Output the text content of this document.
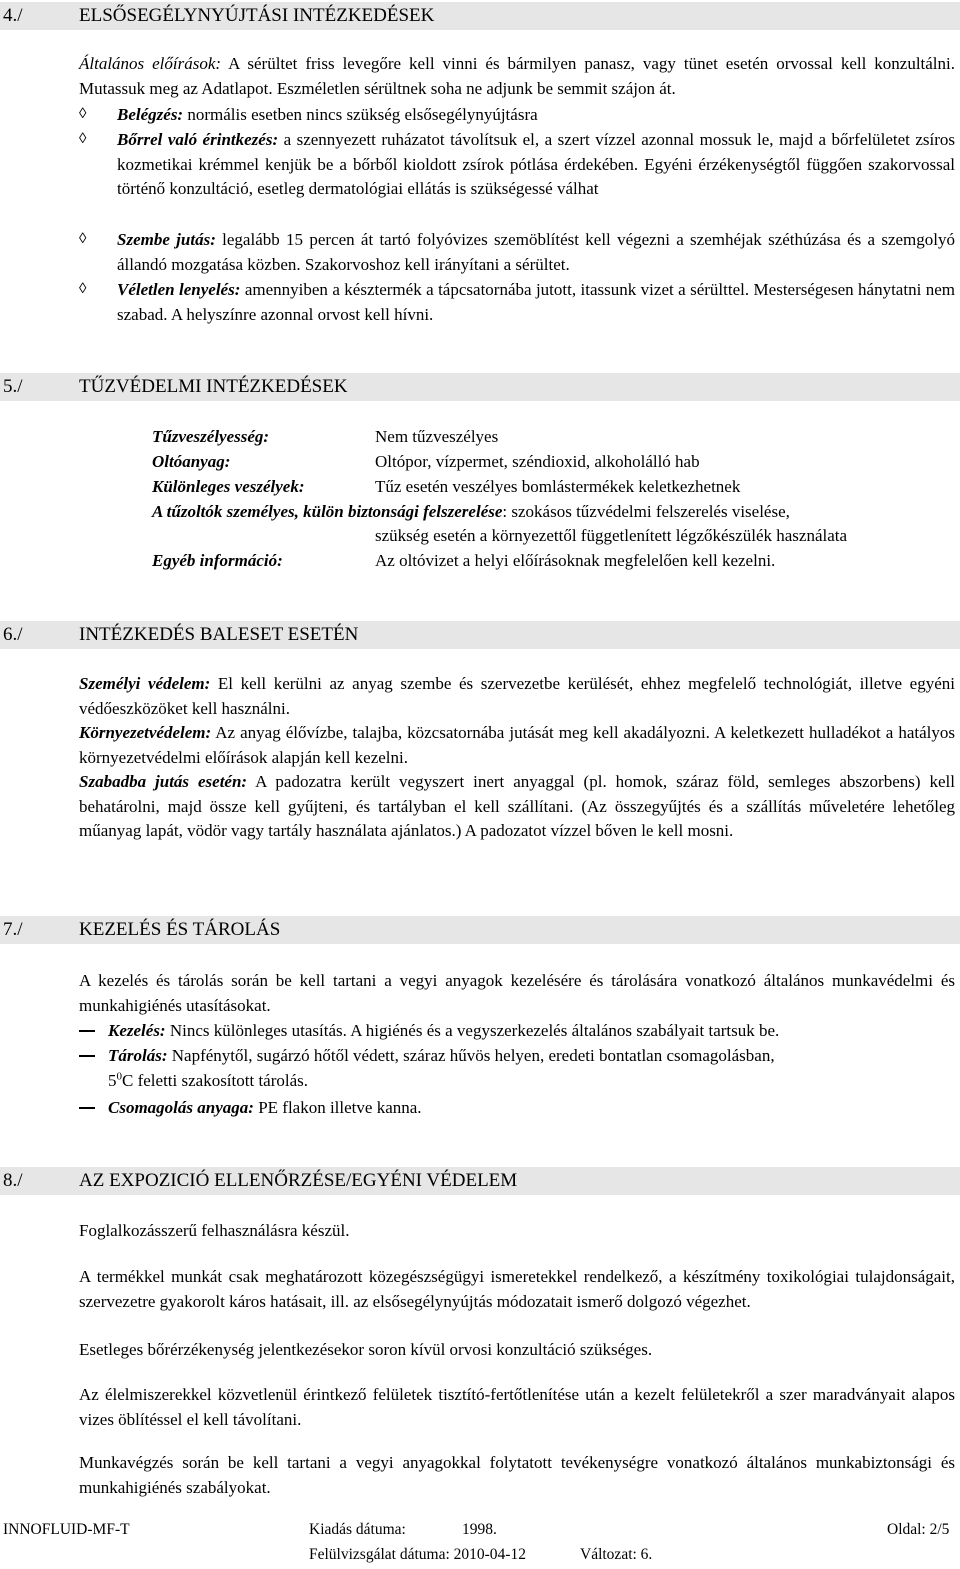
4./	ELSŐSEGÉLYNYÚJTÁSI INTÉZKEDÉSEK
Általános előírások: A sérültet friss levegőre kell vinni és bármilyen panasz, vagy tünet esetén orvossal kell konzultálni. Mutassuk meg az Adatlapot. Eszméletlen sérültnek soha ne adjunk be semmit szájon át.
◊ Belégzés: normális esetben nincs szükség elsősegélynyújtásra
◊ Bőrrel való érintkezés: a szennyezett ruházatot távolítsuk el, a szert vízzel azonnal mossuk le, majd a bőrfelületet zsíros kozmetikai krémmel kenjük be a bőrből kioldott zsírok pótlása érdekében. Egyéni érzékenységtől függően szakorvossal történő konzultáció, esetleg dermatológiai ellátás is szükségessé válhat
◊ Szembe jutás: legalább 15 percen át tartó folyóvizes szemöblítést kell végezni a szemhéjak széthúzása és a szemgolyó állandó mozgatása közben. Szakorvoshoz kell irányítani a sérültet.
◊ Véletlen lenyelés: amennyiben a késztermék a tápcsatornába jutott, itassunk vizet a sérülttel. Mesterségesen hánytatni nem szabad. A helyszínre azonnal orvost kell hívni.
5./	TŰZVÉDELMI INTÉZKEDÉSEK
Tűzveszélyesség:	Nem tűzveszélyes
Oltóanyag:	Oltópor, vízpermet, széndioxid, alkoholálló hab
Különleges veszélyek:	Tűz esetén veszélyes bomlástermékek keletkezhetnek
A tűzoltók személyes, külön biztonsági felszerelése: szokásos tűzvédelmi felszerelés viselése,
szükség esetén a környezettől függetlenített légzőkészülék használata
Egyéb információ:	Az oltóvizet a helyi előírásoknak megfelelően kell kezelni.
6./	INTÉZKEDÉS BALESET ESETÉN
Személyi védelem: El kell kerülni az anyag szembe és szervezetbe kerülését, ehhez megfelelő technológiát, illetve egyéni védőeszközöket kell használni.
Környezetvédelem: Az anyag élővízbe, talajba, közcsatornába jutását meg kell akadályozni. A keletkezett hulladékot a hatályos környezetvédelmi előírások alapján kell kezelni.
Szabadba jutás esetén: A padozatra került vegyszert inert anyaggal (pl. homok, száraz föld, semleges abszorbens) kell behatárolni, majd össze kell gyűjteni, és tartályban el kell szállítani. (Az összegyűjtés és a szállítás műveletére lehetőleg műanyag lapát, vödör vagy tartály használata ajánlatos.) A padozatot vízzel bőven le kell mosni.
7./	KEZELÉS ÉS TÁROLÁS
A kezelés és tárolás során be kell tartani a vegyi anyagok kezelésére és tárolására vonatkozó általános munkavédelmi és munkahigiénés utasításokat.
Kezelés: Nincs különleges utasítás. A higiénés és a vegyszerkezelés általános szabályait tartsuk be.
Tárolás: Napfénytől, sugárzó hőtől védett, száraz hűvös helyen, eredeti bontatlan csomagolásban,
$5^0C$ feletti szakosított tárolás.
Csomagolás anyaga: PE flakon illetve kanna.
8./	AZ EXPOZICIÓ ELLENŐRZÉSE/EGYÉNI VÉDELEM
Foglalkozásszerű felhasználásra készül.
A termékkel munkát csak meghatározott közegészségügyi ismeretekkel rendelkező, a készítmény toxikológiai tulajdonságait, szervezetre gyakorolt káros hatásait, ill. az elsősegélynyújtás módozatait ismerő dolgozó végezhet.
Esetleges bőrérzékenység jelentkezésekor soron kívül orvosi konzultáció szükséges.
Az élelmiszerekkel közvetlenül érintkező felületek tisztító-fertőtlenítése után a kezelt felületekről a szer maradványait alapos vizes öblítéssel el kell távolítani.
Munkavégzés során be kell tartani a vegyi anyagokkal folytatott tevékenységre vonatkozó általános munkabiztonsági és munkahigiénés szabályokat.
INNOFLUID-MF-T	Kiadás dátuma:	1998.	Oldal: 2/5
Felülvizsgálat dátuma: 2010-04-12	Változat: 6.
